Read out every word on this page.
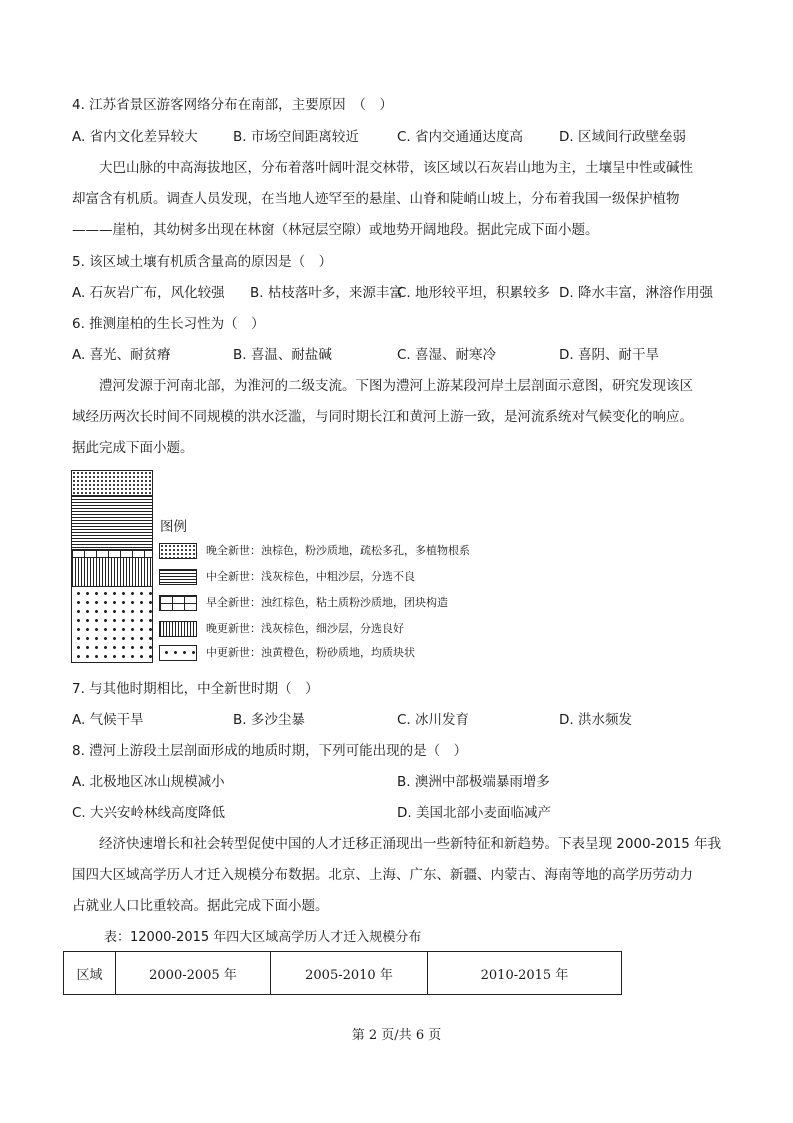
4. 江苏省景区游客网络分布在南部，主要原因　（　）
A. 省内文化差异较大	B. 市场空间距离较近	C. 省内交通通达度高	D. 区域间行政壁垒弱
大巴山脉的中高海拔地区，分布着落叶阔叶混交林带，该区域以石灰岩山地为主，土壤呈中性或碱性
却富含有机质。调查人员发现，在当地人迹罕至的悬崖、山脊和陡峭山坡上，分布着我国一级保护植物
———崖柏，其幼树多出现在林窗（林冠层空隙）或地势开阔地段。据此完成下面小题。
5. 该区域土壤有机质含量高的原因是（　）
A. 石灰岩广布，风化较强 B. 枯枝落叶多，来源丰富
C. 地形较平坦，积累较多 D. 降水丰富，淋溶作用强
6. 推测崖柏的生长习性为（　）
A. 喜光、耐贫瘠	B. 喜温、耐盐碱	C. 喜湿、耐寒冷	D. 喜阴、耐干旱
澧河发源于河南北部，为淮河的二级支流。下图为澧河上游某段河岸土层剖面示意图，研究发现该区
域经历两次长时间不同规模的洪水泛滥，与同时期长江和黄河上游一致，是河流系统对气候变化的响应。
据此完成下面小题。
图例
晚全新世：浊棕色，粉沙质地，疏松多孔，多植物根系
中全新世：浅灰棕色，中粗沙层，分选不良
早全新世：浊红棕色，粘土质粉沙质地，团块构造
晚更新世：浅灰棕色，细沙层，分选良好
中更新世：浊黄橙色，粉砂质地，均质块状
7. 与其他时期相比，中全新世时期（　）
A. 气候干旱	B. 多沙尘暴	C. 冰川发育	D. 洪水频发
8. 澧河上游段土层剖面形成的地质时期，下列可能出现的是（　）
A. 北极地区冰山规模减小	B. 澳洲中部极端暴雨增多
C. 大兴安岭林线高度降低	D. 美国北部小麦面临减产
经济快速增长和社会转型促使中国的人才迁移正涌现出一些新特征和新趋势。下表呈现 2000-2015 年我
国四大区域高学历人才迁入规模分布数据。北京、上海、广东、新疆、内蒙古、海南等地的高学历劳动力
占就业人口比重较高。据此完成下面小题。
表：12000-2015 年四大区域高学历人才迁入规模分布
区域	2000-2005 年	2005-2010 年	2010-2015 年
第 2 页/共 6 页
